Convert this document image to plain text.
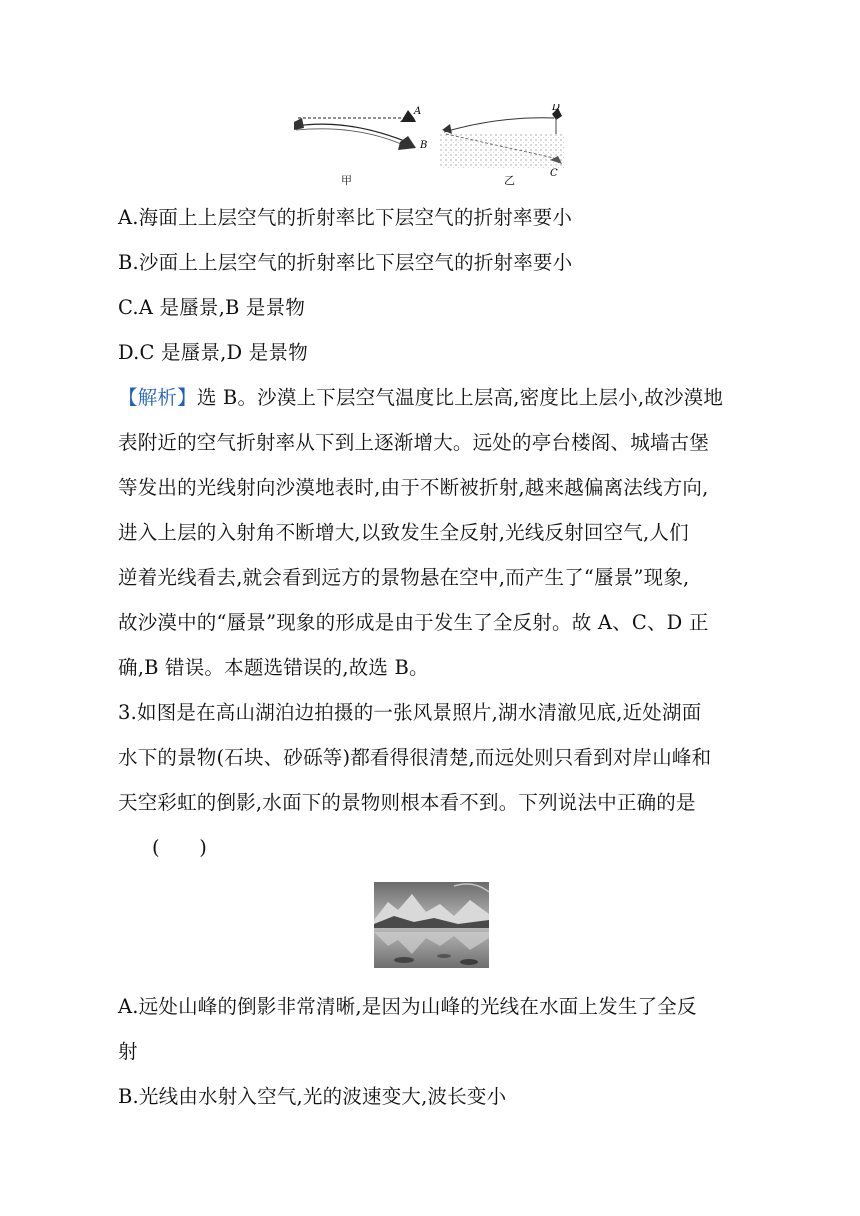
A
B
D
C
甲	乙
A.海面上上层空气的折射率比下层空气的折射率要小
B.沙面上上层空气的折射率比下层空气的折射率要小
C.A 是蜃景,B 是景物
D.C 是蜃景,D 是景物
【解析】选 B。沙漠上下层空气温度比上层高,密度比上层小,故沙漠地
表附近的空气折射率从下到上逐渐增大。远处的亭台楼阁、城墙古堡
等发出的光线射向沙漠地表时,由于不断被折射,越来越偏离法线方向,
进入上层的入射角不断增大,以致发生全反射,光线反射回空气,人们
逆着光线看去,就会看到远方的景物悬在空中,而产生了“蜃景”现象,
故沙漠中的“蜃景”现象的形成是由于发生了全反射。故 A、C、D 正
确,B 错误。本题选错误的,故选 B。
3.如图是在高山湖泊边拍摄的一张风景照片,湖水清澈见底,近处湖面
水下的景物(石块、砂砾等)都看得很清楚,而远处则只看到对岸山峰和
天空彩虹的倒影,水面下的景物则根本看不到。下列说法中正确的是
(　　)
A.远处山峰的倒影非常清晰,是因为山峰的光线在水面上发生了全反
射
B.光线由水射入空气,光的波速变大,波长变小
